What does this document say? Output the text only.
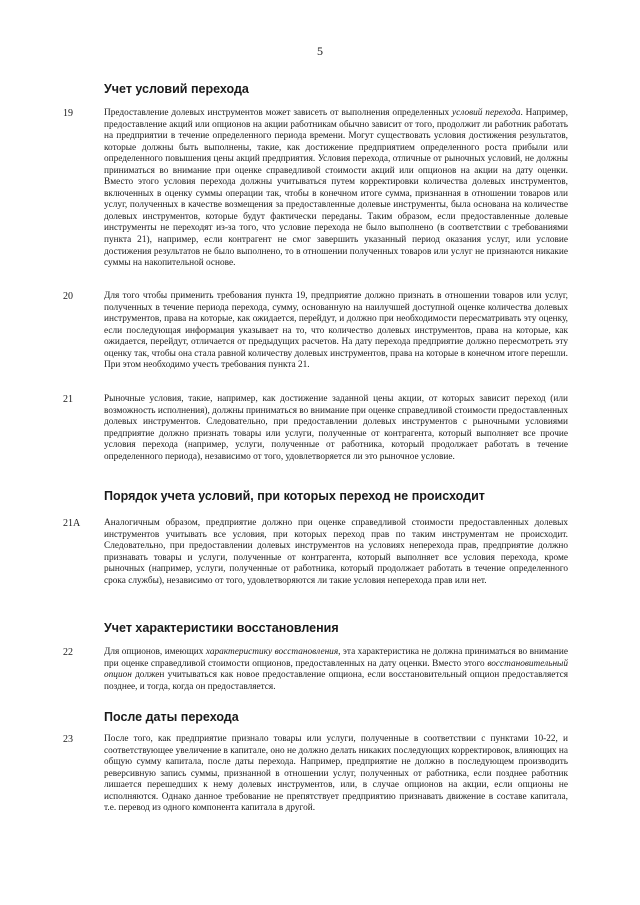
5
Учет условий перехода
19	Предоставление долевых инструментов может зависеть от выполнения определенных условий перехода. Например, предоставление акций или опционов на акции работникам обычно зависит от того, продолжит ли работник работать на предприятии в течение определенного периода времени. Могут существовать условия достижения результатов, которые должны быть выполнены, такие, как достижение предприятием определенного роста прибыли или определенного повышения цены акций предприятия. Условия перехода, отличные от рыночных условий, не должны приниматься во внимание при оценке справедливой стоимости акций или опционов на акции на дату оценки. Вместо этого условия перехода должны учитываться путем корректировки количества долевых инструментов, включенных в оценку суммы операции так, чтобы в конечном итоге сумма, признанная в отношении товаров или услуг, полученных в качестве возмещения за предоставленные долевые инструменты, была основана на количестве долевых инструментов, которые будут фактически переданы. Таким образом, если предоставленные долевые инструменты не переходят из-за того, что условие перехода не было выполнено (в соответствии с требованиями пункта 21), например, если контрагент не смог завершить указанный период оказания услуг, или условие достижения результатов не было выполнено, то в отношении полученных товаров или услуг не признаются никакие суммы на накопительной основе.
20	Для того чтобы применить требования пункта 19, предприятие должно признать в отношении товаров или услуг, полученных в течение периода перехода, сумму, основанную на наилучшей доступной оценке количества долевых инструментов, права на которые, как ожидается, перейдут, и должно при необходимости пересматривать эту оценку, если последующая информация указывает на то, что количество долевых инструментов, права на которые, как ожидается, перейдут, отличается от предыдущих расчетов. На дату перехода предприятие должно пересмотреть эту оценку так, чтобы она стала равной количеству долевых инструментов, права на которые в конечном итоге перешли. При этом необходимо учесть требования пункта 21.
21	Рыночные условия, такие, например, как достижение заданной цены акции, от которых зависит переход (или возможность исполнения), должны приниматься во внимание при оценке справедливой стоимости предоставленных долевых инструментов. Следовательно, при предоставлении долевых инструментов с рыночными условиями предприятие должно признать товары или услуги, полученные от контрагента, который выполняет все прочие условия перехода (например, услуги, полученные от работника, который продолжает работать в течение определенного периода), независимо от того, удовлетворяется ли это рыночное условие.
Порядок учета условий, при которых переход не происходит
21A	Аналогичным образом, предприятие должно при оценке справедливой стоимости предоставленных долевых инструментов учитывать все условия, при которых переход прав по таким инструментам не происходит. Следовательно, при предоставлении долевых инструментов на условиях неперехода прав, предприятие должно признавать товары и услуги, полученные от контрагента, который выполняет все условия перехода, кроме рыночных (например, услуги, полученные от работника, который продолжает работать в течение определенного срока службы), независимо от того, удовлетворяются ли такие условия неперехода прав или нет.
Учет характеристики восстановления
22	Для опционов, имеющих характеристику восстановления, эта характеристика не должна приниматься во внимание при оценке справедливой стоимости опционов, предоставленных на дату оценки. Вместо этого восстановительный опцион должен учитываться как новое предоставление опциона, если восстановительный опцион предоставляется позднее, и тогда, когда он предоставляется.
После даты перехода
23	После того, как предприятие признало товары или услуги, полученные в соответствии с пунктами 10-22, и соответствующее увеличение в капитале, оно не должно делать никаких последующих корректировок, влияющих на общую сумму капитала, после даты перехода. Например, предприятие не должно в последующем производить реверсивную запись суммы, признанной в отношении услуг, полученных от работника, если позднее работник лишается перешедших к нему долевых инструментов, или, в случае опционов на акции, если опционы не исполняются. Однако данное требование не препятствует предприятию признавать движение в составе капитала, т.е. перевод из одного компонента капитала в другой.
